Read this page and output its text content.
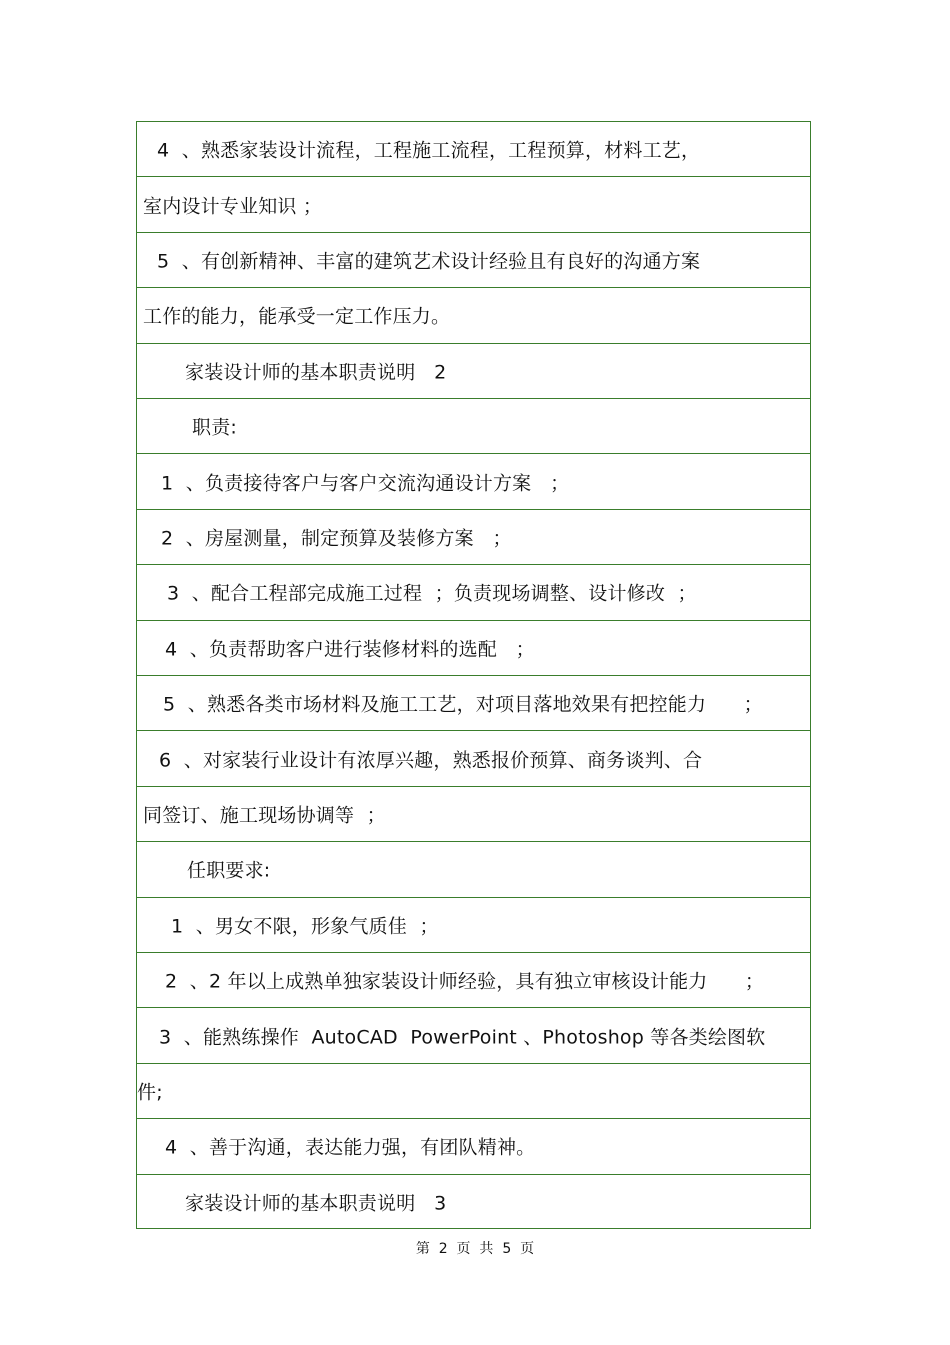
4  、熟悉家装设计流程，工程施工流程，工程预算，材料工艺，
室内设计专业知识 ；
5  、有创新精神、丰富的建筑艺术设计经验且有良好的沟通方案
工作的能力，能承受一定工作压力。
家装设计师的基本职责说明   2
职责:
1  、负责接待客户与客户交流沟通设计方案   ；
2  、房屋测量，制定预算及装修方案   ；
3  、配合工程部完成施工过程  ；负责现场调整、设计修改  ；
4  、负责帮助客户进行装修材料的选配   ；
5  、熟悉各类市场材料及施工工艺，对项目落地效果有把控能力      ；
6  、对家装行业设计有浓厚兴趣，熟悉报价预算、商务谈判、合
同签订、施工现场协调等  ；
任职要求:
1  、男女不限，形象气质佳  ；
2  、2 年以上成熟单独家装设计师经验，具有独立审核设计能力      ；
3  、能熟练操作  AutoCAD  PowerPoint 、Photoshop 等各类绘图软
件;
4  、善于沟通，表达能力强，有团队精神。
家装设计师的基本职责说明   3
第  2  页  共  5  页
